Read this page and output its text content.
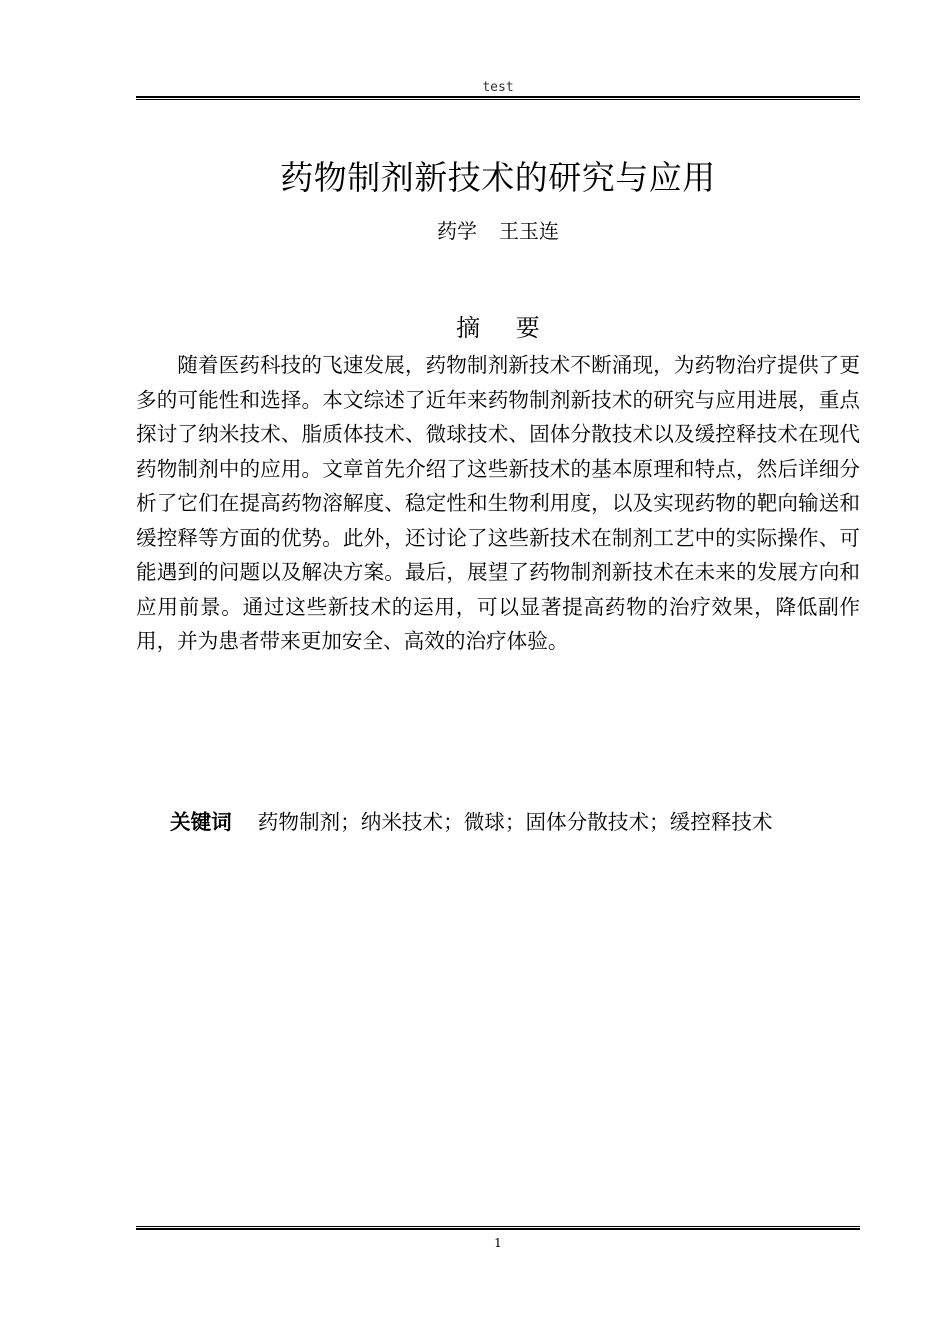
test
药物制剂新技术的研究与应用
药学 王玉连
摘 要

随着医药科技的飞速发展，药物制剂新技术不断涌现，为药物治疗提供了更多的可能性和选择。本文综述了近年来药物制剂新技术的研究与应用进展，重点探讨了纳米技术、脂质体技术、微球技术、固体分散技术以及缓控释技术在现代药物制剂中的应用。文章首先介绍了这些新技术的基本原理和特点，然后详细分析了它们在提高药物溶解度、稳定性和生物利用度，以及实现药物的靶向输送和缓控释等方面的优势。此外，还讨论了这些新技术在制剂工艺中的实际操作、可能遇到的问题以及解决方案。最后，展望了药物制剂新技术在未来的发展方向和应用前景。通过这些新技术的运用，可以显著提高药物的治疗效果，降低副作用，并为患者带来更加安全、高效的治疗体验。

关键词 药物制剂；纳米技术；微球；固体分散技术；缓控释技术
1
